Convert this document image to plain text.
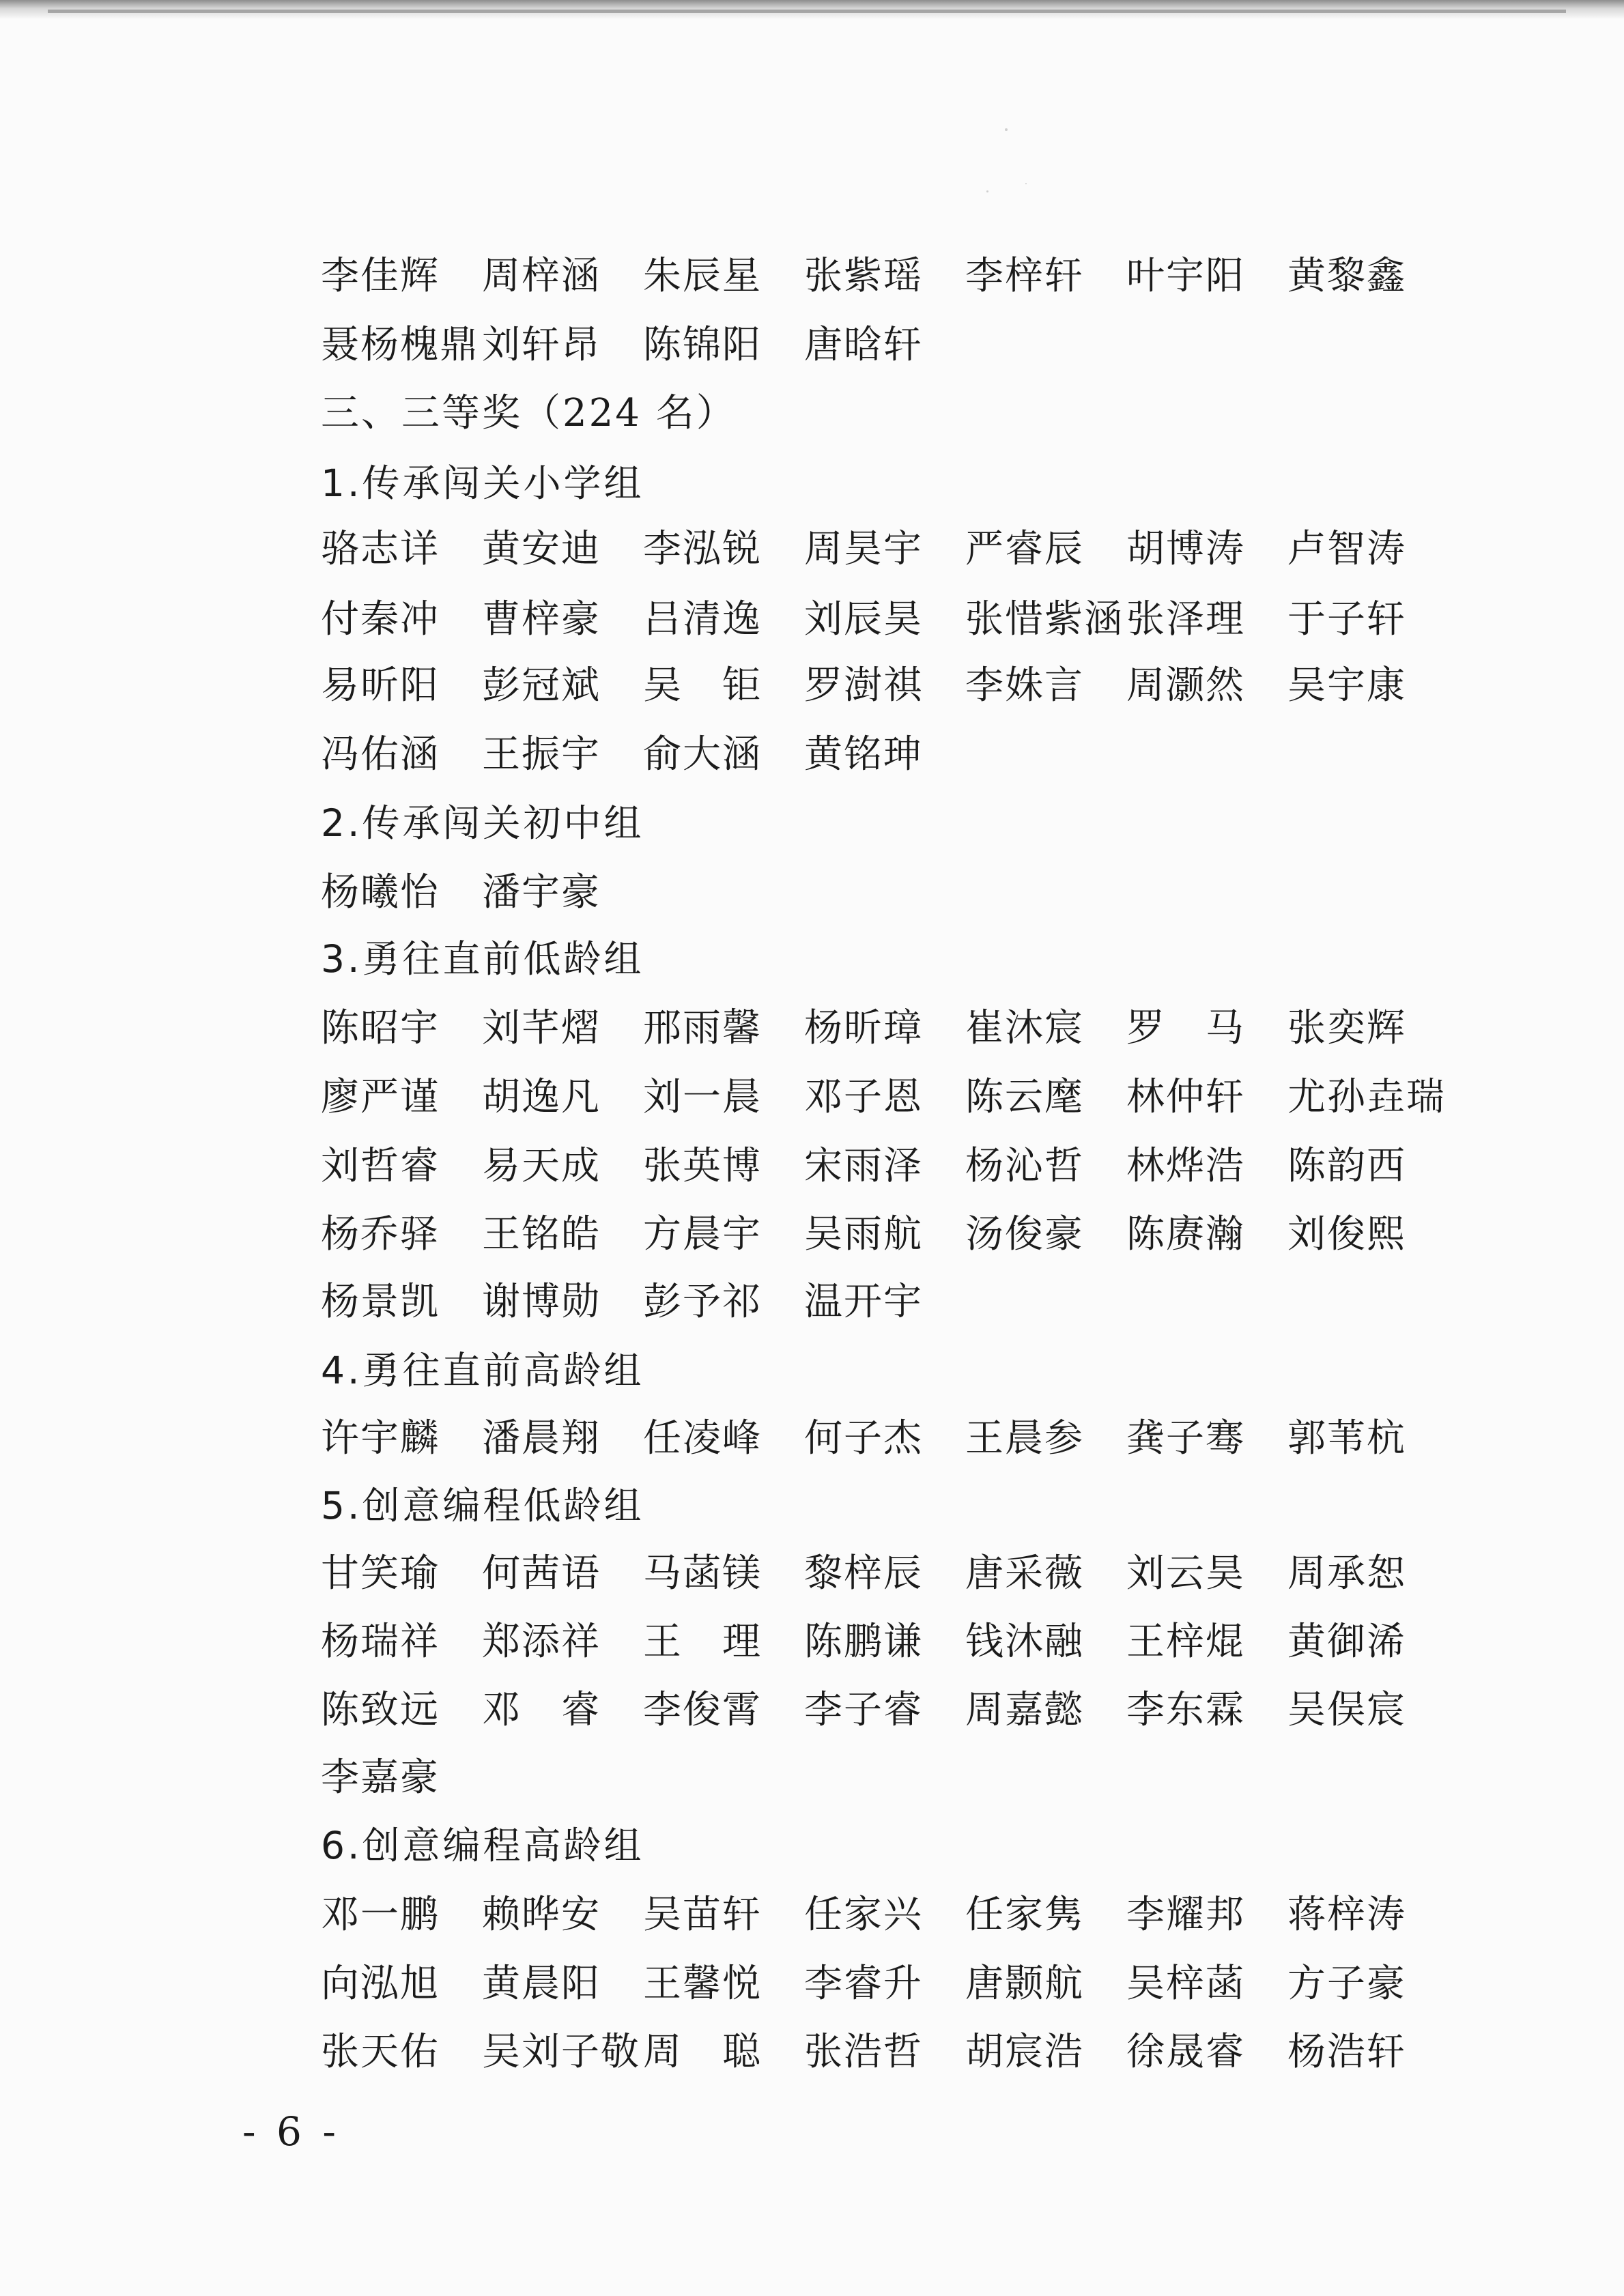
李佳辉 周梓涵 朱辰星 张紫瑶 李梓轩 叶宇阳 黄黎鑫
聂杨槐鼎刘轩昂 陈锦阳 唐晗轩
三、三等奖（224 名）
1.传承闯关小学组
骆志详 黄安迪 李泓锐 周昊宇 严睿辰 胡博涛 卢智涛
付秦冲 曹梓豪 吕清逸 刘辰昊 张惜紫涵张泽理 于子轩
易昕阳 彭冠斌 吴　钜 罗澍祺 李姝言 周灏然 吴宇康
冯佑涵 王振宇 俞大涵 黄铭珅
2.传承闯关初中组
杨曦怡 潘宇豪
3.勇往直前低龄组
陈昭宇 刘芊熠 邢雨馨 杨昕璋 崔沐宸 罗　马 张奕辉
廖严谨 胡逸凡 刘一晨 邓子恩 陈云麾 林仲轩 尤孙垚瑞
刘哲睿 易天成 张英博 宋雨泽 杨沁哲 林烨浩 陈韵西
杨乔驿 王铭皓 方晨宇 吴雨航 汤俊豪 陈赓瀚 刘俊熙
杨景凯 谢博勋 彭予祁 温开宇
4.勇往直前高龄组
许宇麟 潘晨翔 任凌峰 何子杰 王晨参 龚子骞 郭苇杭
5.创意编程低龄组
甘笑瑜 何茜语 马菡镁 黎梓辰 唐采薇 刘云昊 周承恕
杨瑞祥 郑添祥 王　理 陈鹏谦 钱沐融 王梓焜 黄御浠
陈致远 邓　睿 李俊霄 李子睿 周嘉懿 李东霖 吴俣宸
李嘉豪
6.创意编程高龄组
邓一鹏 赖晔安 吴苗轩 任家兴 任家隽 李耀邦 蒋梓涛
向泓旭 黄晨阳 王馨悦 李睿升 唐颢航 吴梓菡 方子豪
张天佑 吴刘子敬周　聪 张浩哲 胡宸浩 徐晟睿 杨浩轩
- 6 -
